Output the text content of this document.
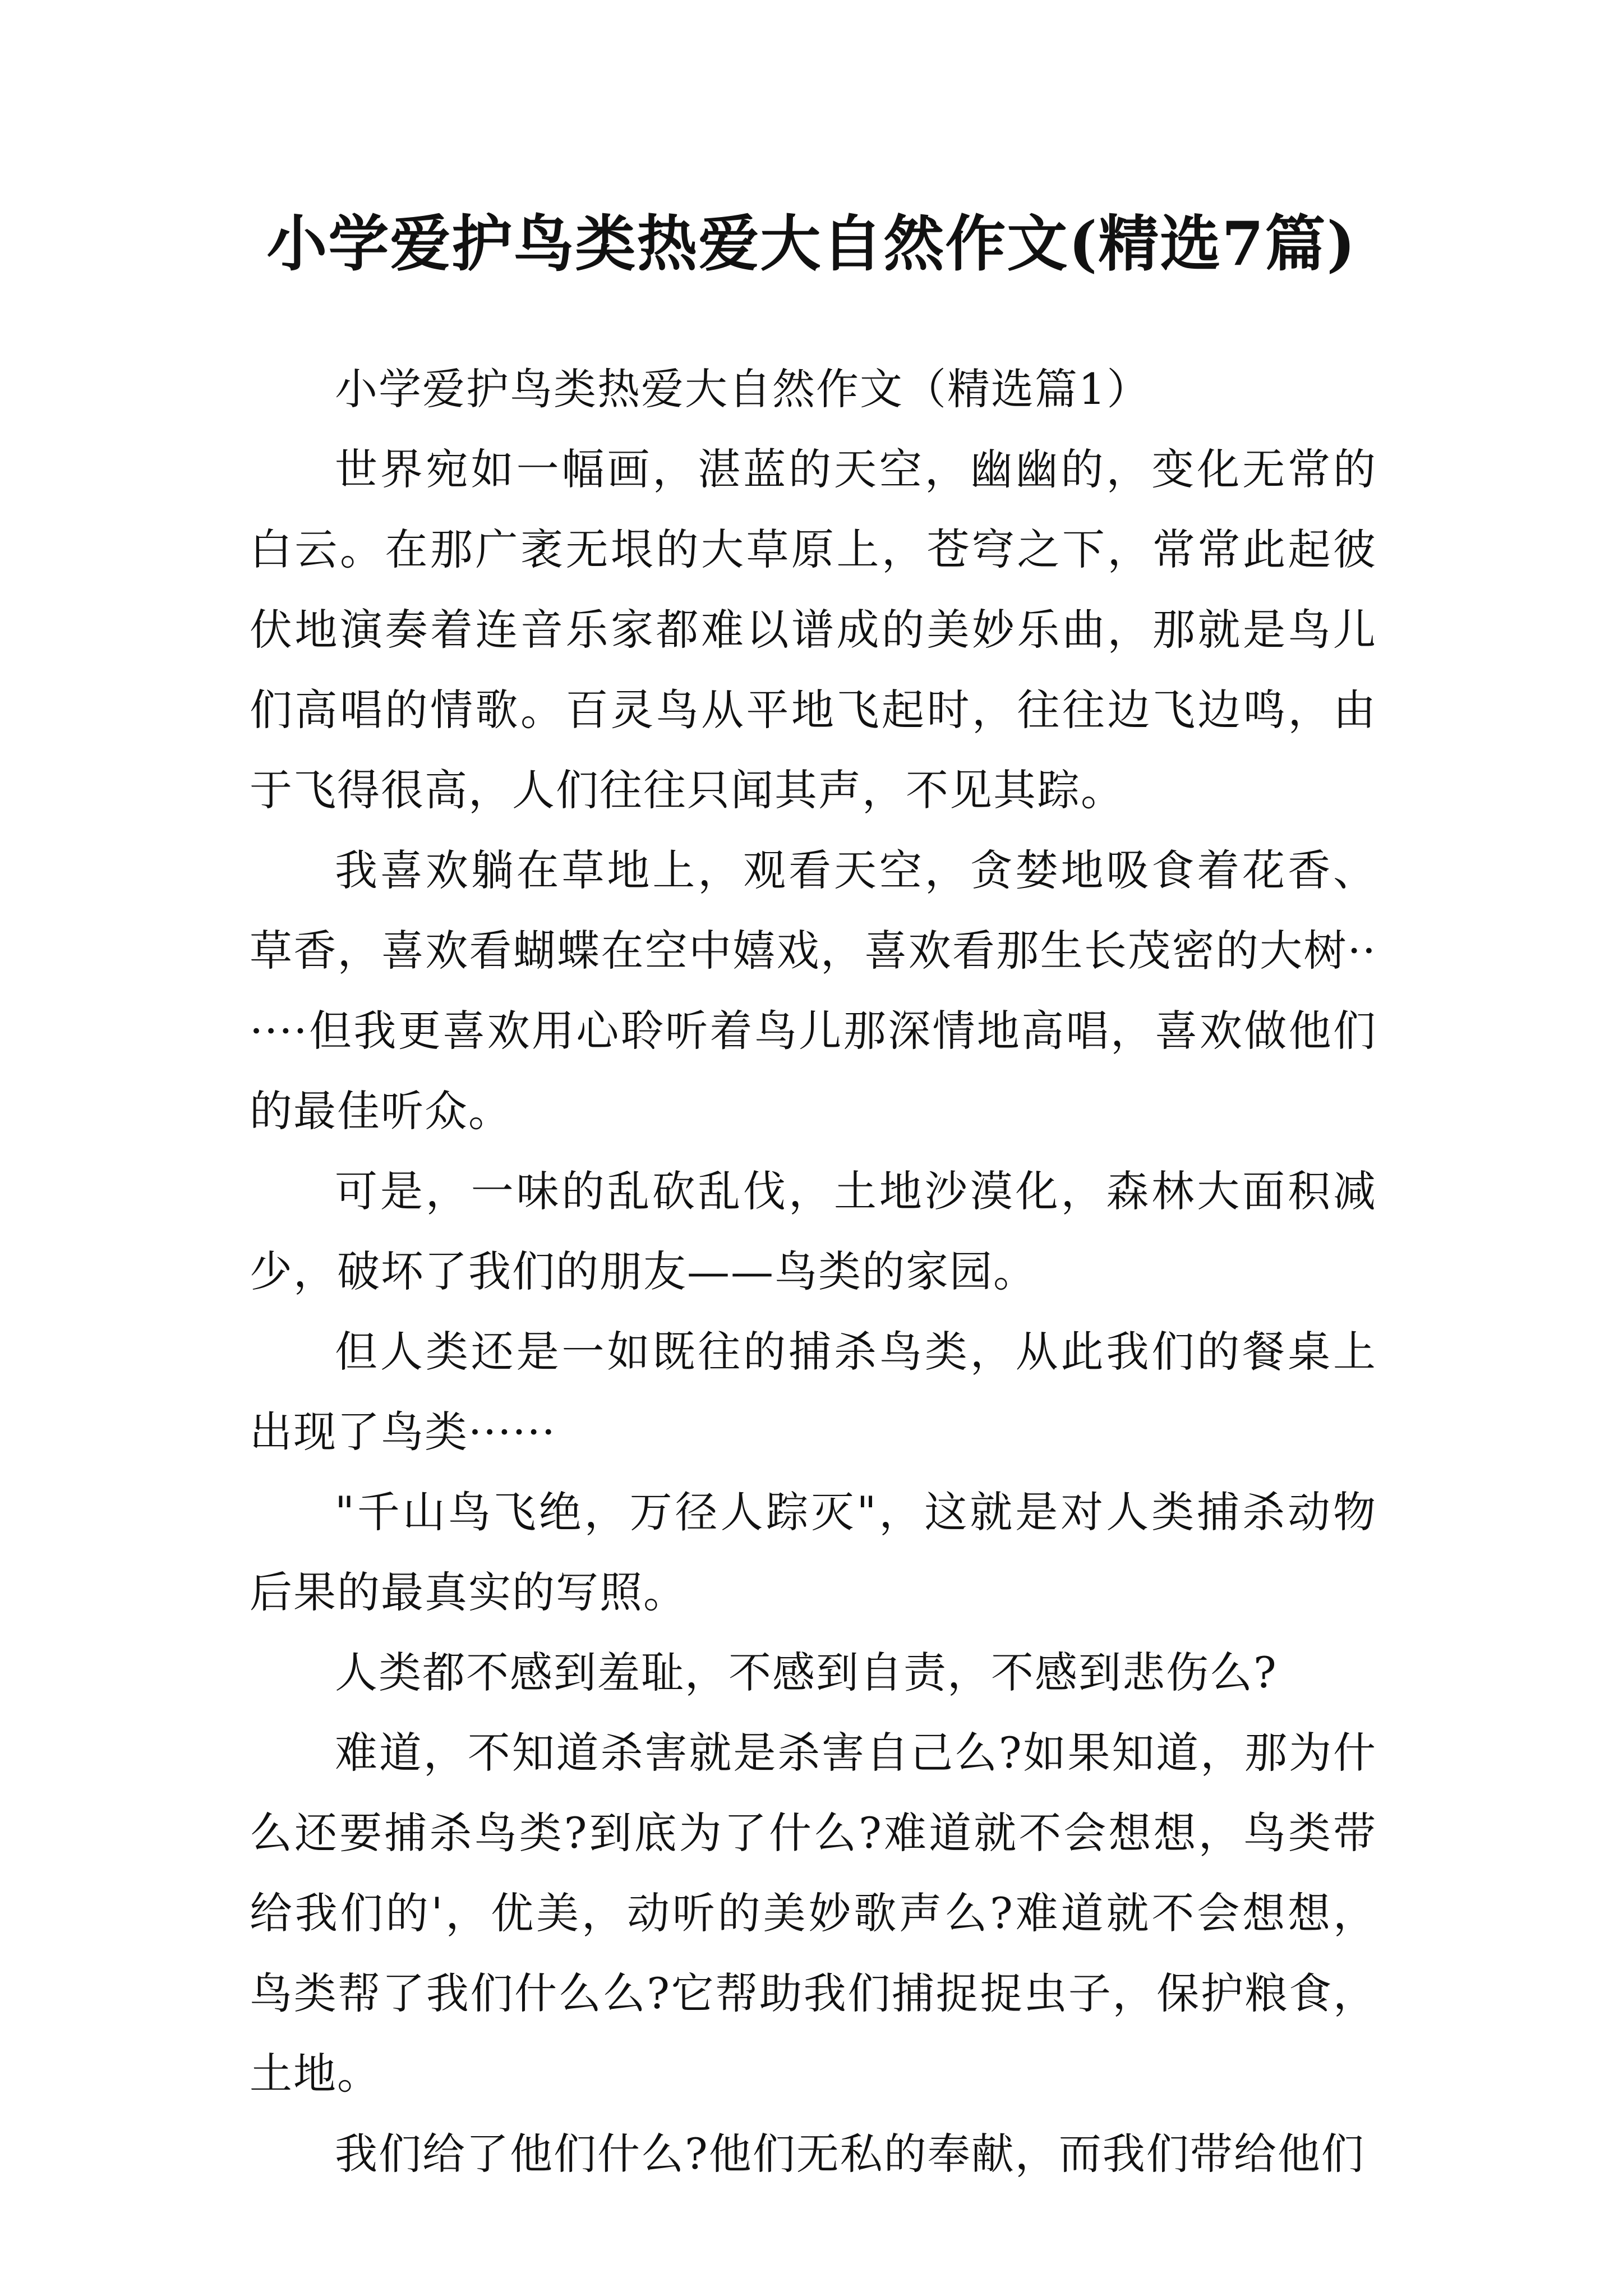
小学爱护鸟类热爱大自然作文(精选7篇)

小学爱护鸟类热爱大自然作文（精选篇1）

世界宛如一幅画，湛蓝的天空，幽幽的，变化无常的白云。在那广袤无垠的大草原上，苍穹之下，常常此起彼伏地演奏着连音乐家都难以谱成的美妙乐曲，那就是鸟儿们高唱的情歌。百灵鸟从平地飞起时，往往边飞边鸣，由于飞得很高，人们往往只闻其声，不见其踪。

我喜欢躺在草地上，观看天空，贪婪地吸食着花香、草香，喜欢看蝴蝶在空中嬉戏，喜欢看那生长茂密的大树······但我更喜欢用心聆听着鸟儿那深情地高唱，喜欢做他们的最佳听众。

可是，一味的乱砍乱伐，土地沙漠化，森林大面积减少，破坏了我们的朋友——鸟类的家园。

但人类还是一如既往的捕杀鸟类，从此我们的餐桌上出现了鸟类······

"千山鸟飞绝，万径人踪灭"，这就是对人类捕杀动物后果的最真实的写照。

人类都不感到羞耻，不感到自责，不感到悲伤么?

难道，不知道杀害就是杀害自己么?如果知道，那为什么还要捕杀鸟类?到底为了什么?难道就不会想想，鸟类带给我们的'，优美，动听的美妙歌声么?难道就不会想想，鸟类帮了我们什么么?它帮助我们捕捉捉虫子，保护粮食，土地。

我们给了他们什么?他们无私的奉献，而我们带给他们
